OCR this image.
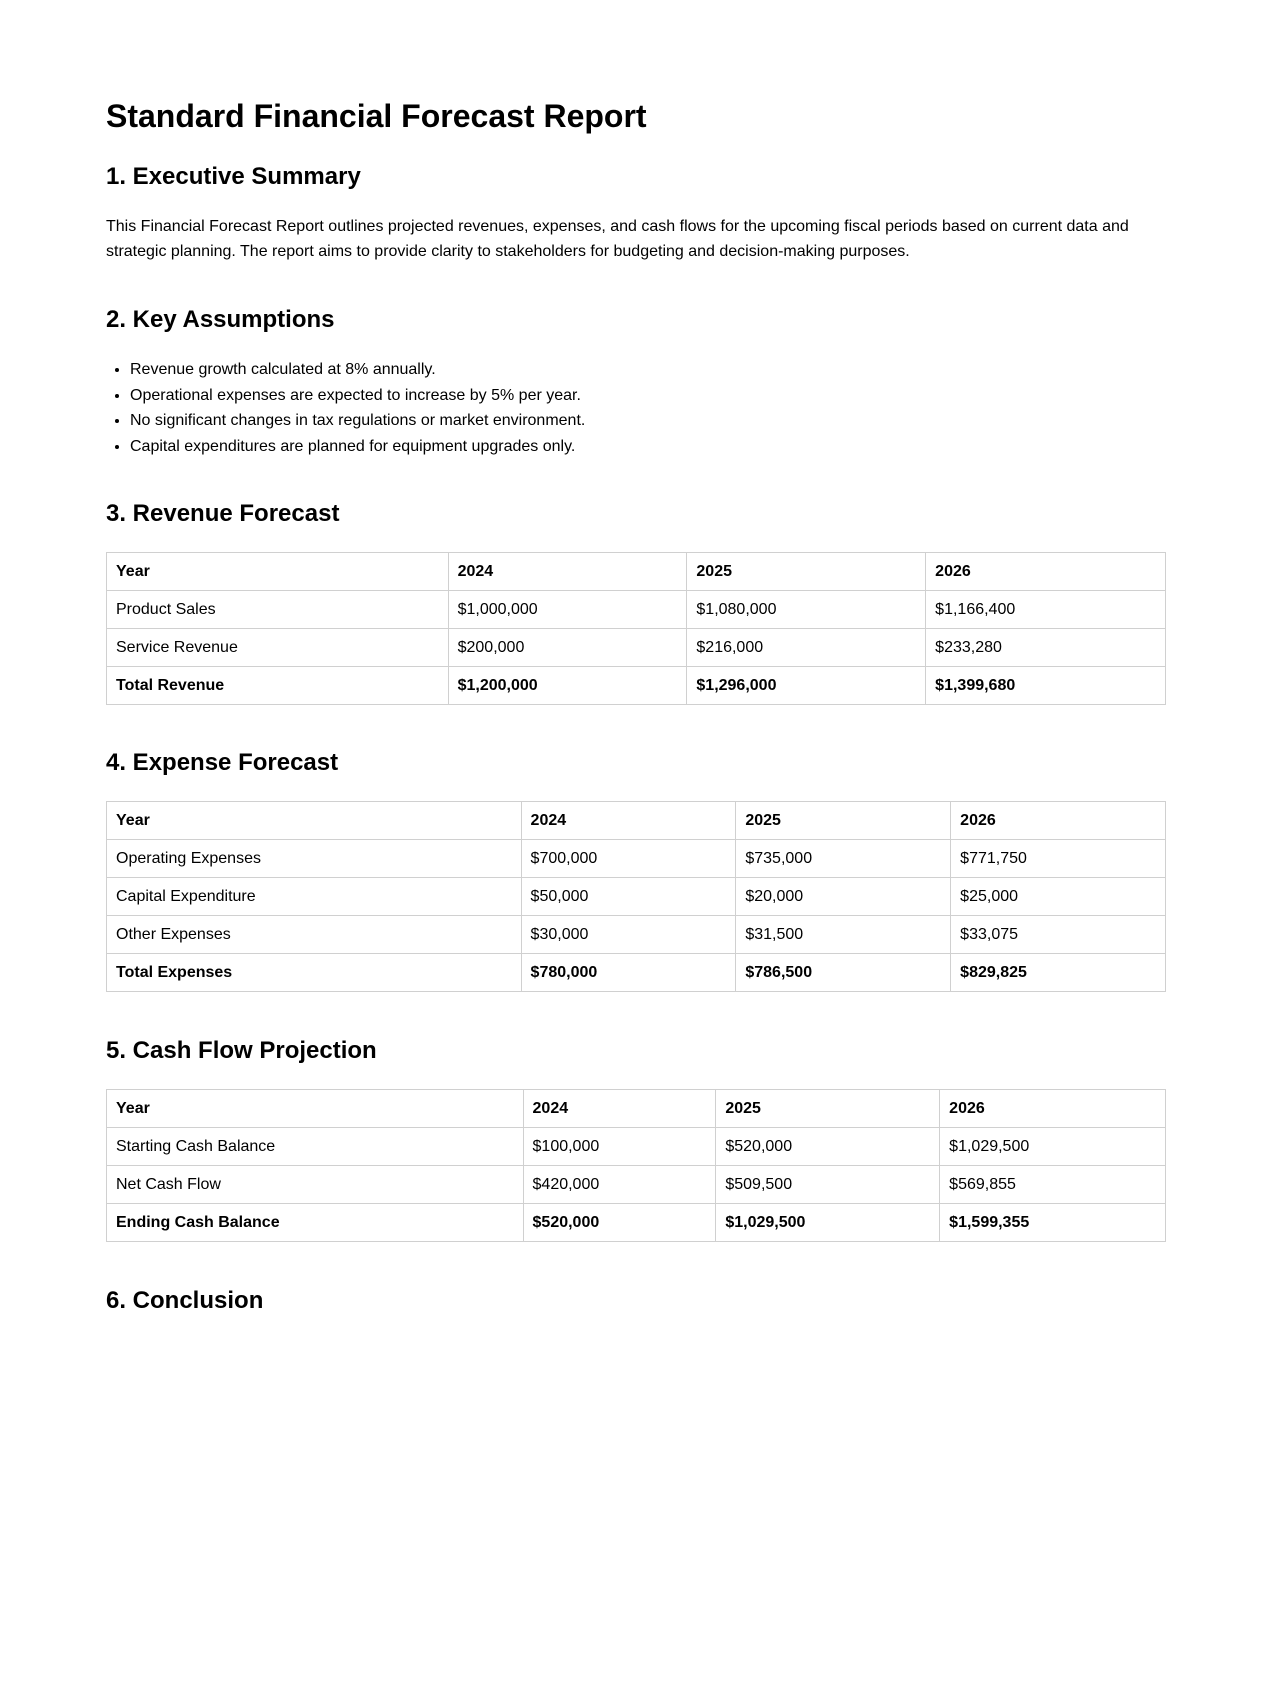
Standard Financial Forecast Report
1. Executive Summary

This Financial Forecast Report outlines projected revenues, expenses, and cash flows for the upcoming fiscal periods based on current data and strategic planning. The report aims to provide clarity to stakeholders for budgeting and decision-making purposes.

2. Key Assumptions
• Revenue growth calculated at 8% annually.
• Operational expenses are expected to increase by 5% per year.
• No significant changes in tax regulations or market environment.
• Capital expenditures are planned for equipment upgrades only.
3. Revenue Forecast
Year	2024	2025	2026
Product Sales	$1,000,000	$1,080,000	$1,166,400
Service Revenue	$200,000	$216,000	$233,280
Total Revenue	$1,200,000	$1,296,000	$1,399,680
4. Expense Forecast
Year	2024	2025	2026
Operating Expenses	$700,000	$735,000	$771,750
Capital Expenditure	$50,000	$20,000	$25,000
Other Expenses	$30,000	$31,500	$33,075
Total Expenses	$780,000	$786,500	$829,825
5. Cash Flow Projection
Year	2024	2025	2026
Starting Cash Balance	$100,000	$520,000	$1,029,500
Net Cash Flow	$420,000	$509,500	$569,855
Ending Cash Balance	$520,000	$1,029,500	$1,599,355
6. Conclusion
